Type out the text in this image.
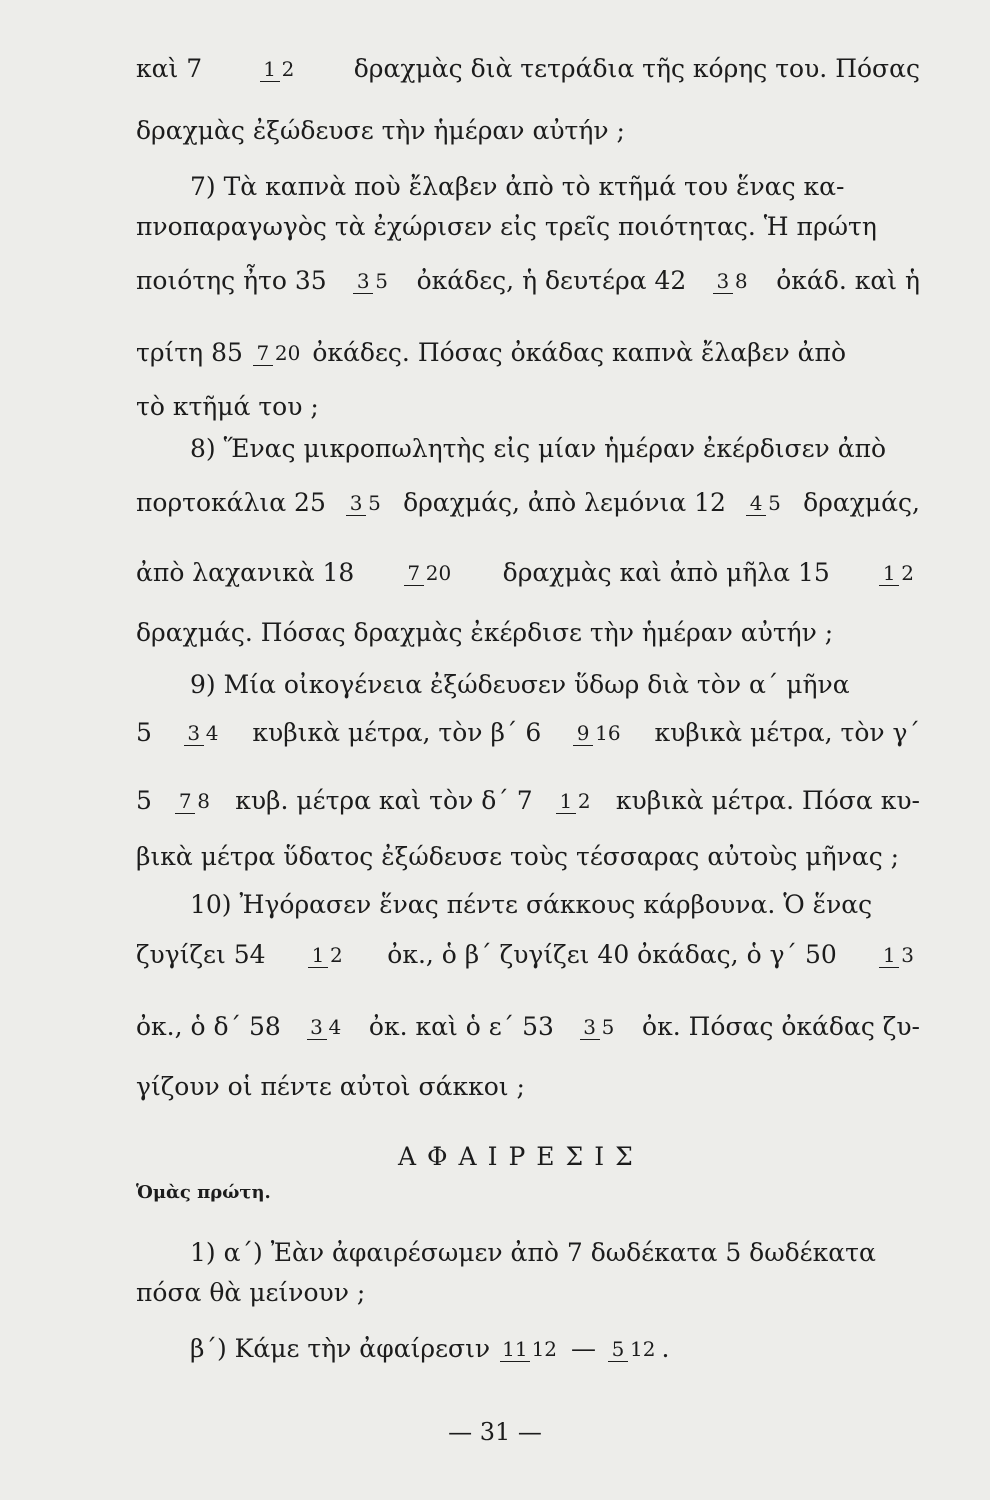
καὶ 7	1 2 δραχμὰς διὰ τετράδια τῆς κόρης του. Πόσας
δραχμὰς ἐξώδευσε τὴν ἡμέραν αὐτήν ;
7) Τὰ καπνὰ ποὺ ἔλαβεν ἀπὸ τὸ κτῆμά του ἕνας κα-
πνοπαραγωγὸς τὰ ἐχώρισεν εἰς τρεῖς ποιότητας. Ἡ πρώτη
ποιότης ἦτο 35 3 5 ὀκάδες, ἡ δευτέρα 42 3 8 ὀκάδ. καὶ ἡ
τρίτη 85 7 20 ὀκάδες. Πόσας ὀκάδας καπνὰ ἔλαβεν ἀπὸ
τὸ κτῆμά του ;
8) Ἕνας μικροπωλητὴς εἰς μίαν ἡμέραν ἐκέρδισεν ἀπὸ
πορτοκάλια 25 3 5 δραχμάς, ἀπὸ λεμόνια 12 4 5 δραχμάς,
ἀπὸ λαχανικὰ 18	7 20 δραχμὰς καὶ ἀπὸ μῆλα 15	1 2
δραχμάς. Πόσας δραχμὰς ἐκέρδισε τὴν ἡμέραν αὐτήν ;
9) Μία οἰκογένεια ἐξώδευσεν ὕδωρ διὰ τὸν α΄ μῆνα
5 3 4 κυβικὰ μέτρα, τὸν β΄ 6 9 16 κυβικὰ μέτρα, τὸν γ΄
5 7 8 κυβ. μέτρα καὶ τὸν δ΄ 7 1 2 κυβικὰ μέτρα. Πόσα κυ-
βικὰ μέτρα ὕδατος ἐξώδευσε τοὺς τέσσαρας αὐτοὺς μῆνας ;
10) Ἠγόρασεν ἕνας πέντε σάκκους κάρβουνα. Ὁ ἕνας
ζυγίζει 54 1 2 ὀκ., ὁ β΄ ζυγίζει 40 ὀκάδας, ὁ γ΄ 50 1 3
ὀκ., ὁ δ΄ 58 3 4 ὀκ. καὶ ὁ ε΄ 53 3 5 ὀκ. Πόσας ὀκάδας ζυ-
γίζουν οἱ πέντε αὐτοὶ σάκκοι ;
ΑΦΑΙΡΕΣΙΣ
Ὁμὰς πρώτη.
1) α΄) Ἐὰν ἀφαιρέσωμεν ἀπὸ 7 δωδέκατα 5 δωδέκατα
πόσα θὰ μείνουν ;
β΄) Κάμε τὴν ἀφαίρεσιν 11 12 — 5 12 .
— 31 —
